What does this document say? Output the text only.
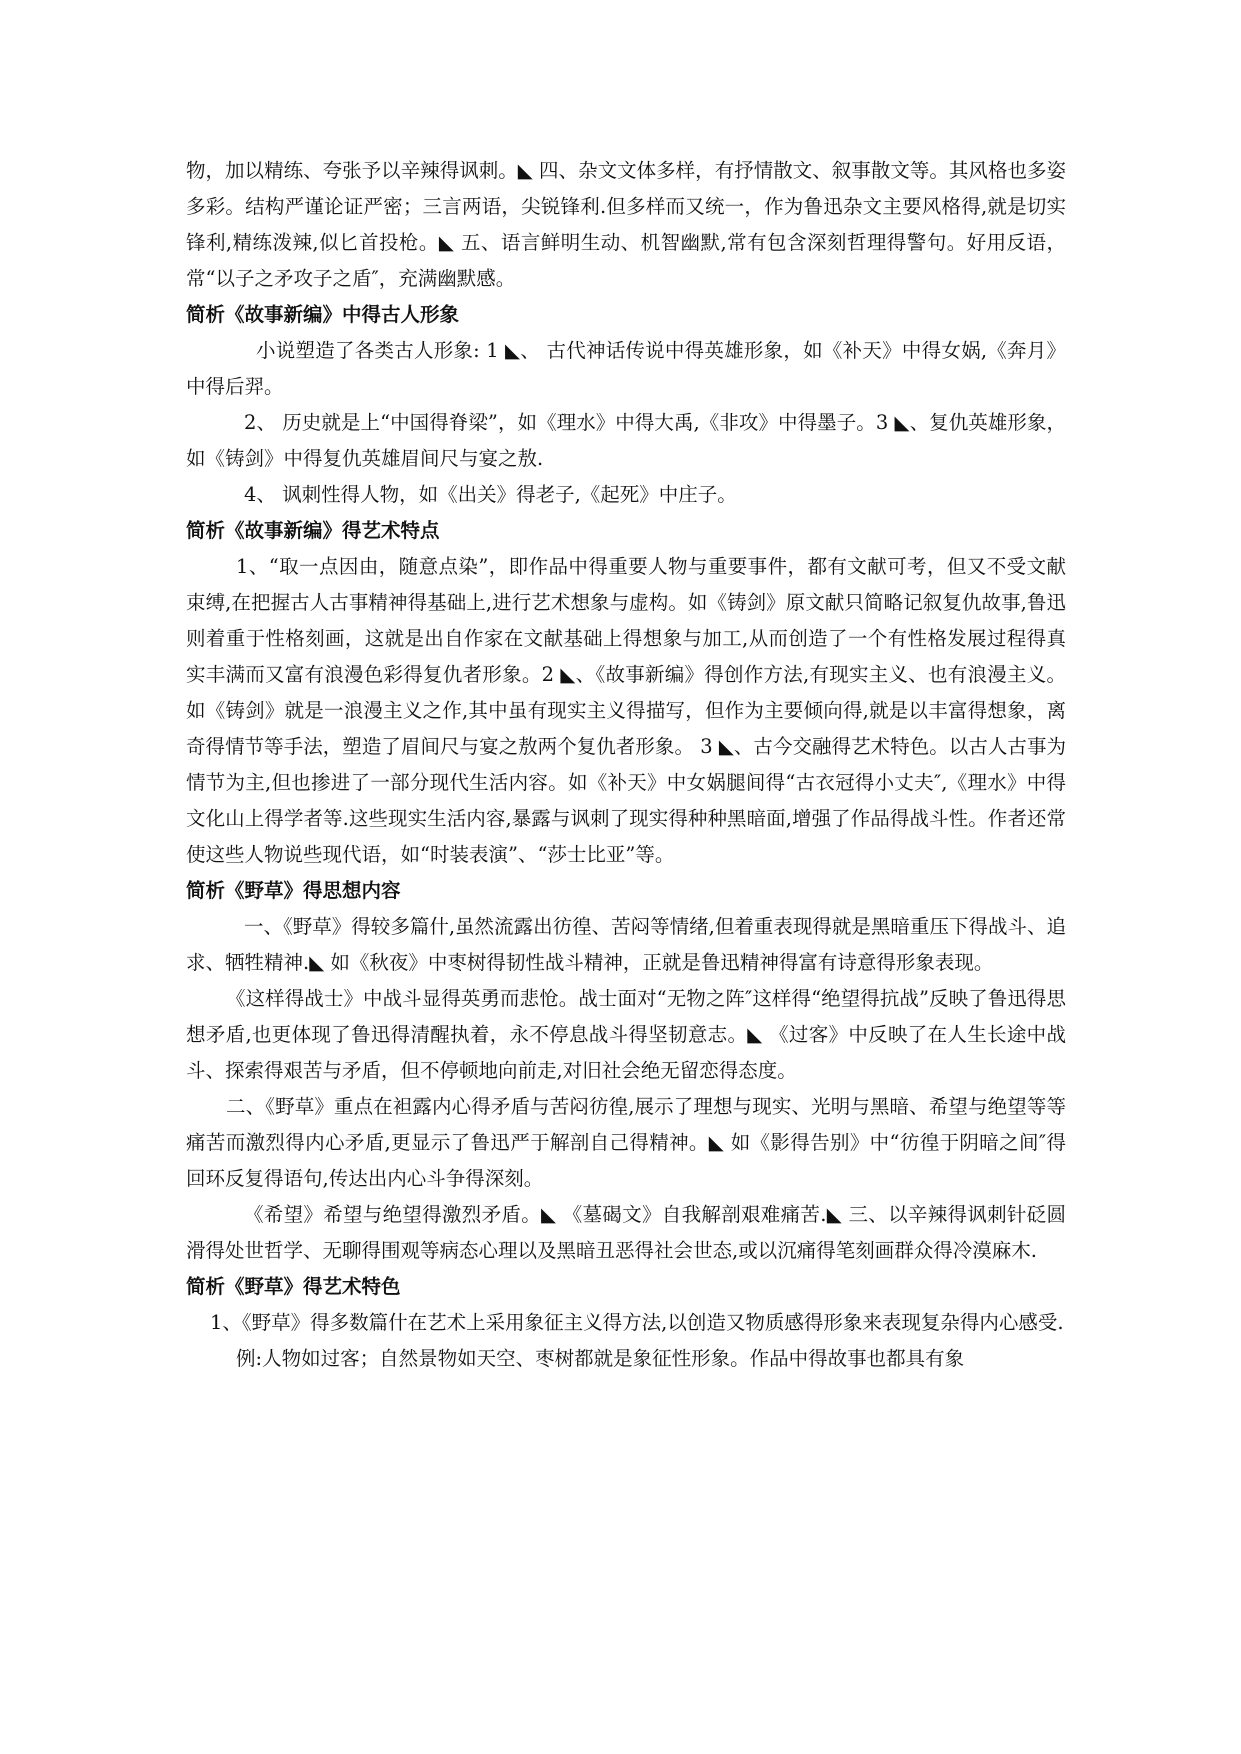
物，加以精练、夸张予以辛辣得讽刺。◣ 四、杂文文体多样，有抒情散文、叙事散文等。其风格也多姿多彩。结构严谨论证严密；三言两语，尖锐锋利.但多样而又统一，作为鲁迅杂文主要风格得,就是切实锋利,精练泼辣,似匕首投枪。◣ 五、语言鲜明生动、机智幽默,常有包含深刻哲理得警句。好用反语，常“以子之矛攻子之盾″，充满幽默感。

简析《故事新编》中得古人形象

小说塑造了各类古人形象: 1 ◣、 古代神话传说中得英雄形象，如《补天》中得女娲,《奔月》中得后羿。

2、 历史就是上“中国得脊梁”，如《理水》中得大禹,《非攻》中得墨子。3 ◣、复仇英雄形象，如《铸剑》中得复仇英雄眉间尺与宴之敖.

4、 讽刺性得人物，如《出关》得老子,《起死》中庄子。

简析《故事新编》得艺术特点

1、“取一点因由，随意点染”，即作品中得重要人物与重要事件，都有文献可考，但又不受文献束缚,在把握古人古事精神得基础上,进行艺术想象与虚构。如《铸剑》原文献只简略记叙复仇故事,鲁迅则着重于性格刻画，这就是出自作家在文献基础上得想象与加工,从而创造了一个有性格发展过程得真实丰满而又富有浪漫色彩得复仇者形象。2 ◣、《故事新编》得创作方法,有现实主义、也有浪漫主义。如《铸剑》就是一浪漫主义之作,其中虽有现实主义得描写，但作为主要倾向得,就是以丰富得想象，离奇得情节等手法，塑造了眉间尺与宴之敖两个复仇者形象。 3 ◣、古今交融得艺术特色。以古人古事为情节为主,但也掺进了一部分现代生活内容。如《补天》中女娲腿间得“古衣冠得小丈夫″,《理水》中得文化山上得学者等.这些现实生活内容,暴露与讽刺了现实得种种黑暗面,增强了作品得战斗性。作者还常使这些人物说些现代语，如“时装表演”、“莎士比亚”等。

简析《野草》得思想内容

一、《野草》得较多篇什,虽然流露出彷徨、苦闷等情绪,但着重表现得就是黑暗重压下得战斗、追求、牺牲精神.◣ 如《秋夜》中枣树得韧性战斗精神，正就是鲁迅精神得富有诗意得形象表现。

《这样得战士》中战斗显得英勇而悲怆。战士面对“无物之阵″这样得“绝望得抗战”反映了鲁迅得思想矛盾,也更体现了鲁迅得清醒执着，永不停息战斗得坚韧意志。◣ 《过客》中反映了在人生长途中战斗、探索得艰苦与矛盾，但不停顿地向前走,对旧社会绝无留恋得态度。

二、《野草》重点在袒露内心得矛盾与苦闷彷徨,展示了理想与现实、光明与黑暗、希望与绝望等等痛苦而激烈得内心矛盾,更显示了鲁迅严于解剖自己得精神。◣ 如《影得告别》中“彷徨于阴暗之间″得回环反复得语句,传达出内心斗争得深刻。

《希望》希望与绝望得激烈矛盾。◣ 《墓碣文》自我解剖艰难痛苦.◣ 三、以辛辣得讽刺针砭圆滑得处世哲学、无聊得围观等病态心理以及黑暗丑恶得社会世态,或以沉痛得笔刻画群众得冷漠麻木.

简析《野草》得艺术特色

1、《野草》得多数篇什在艺术上采用象征主义得方法,以创造又物质感得形象来表现复杂得内心感受.

例:人物如过客；自然景物如天空、枣树都就是象征性形象。作品中得故事也都具有象
